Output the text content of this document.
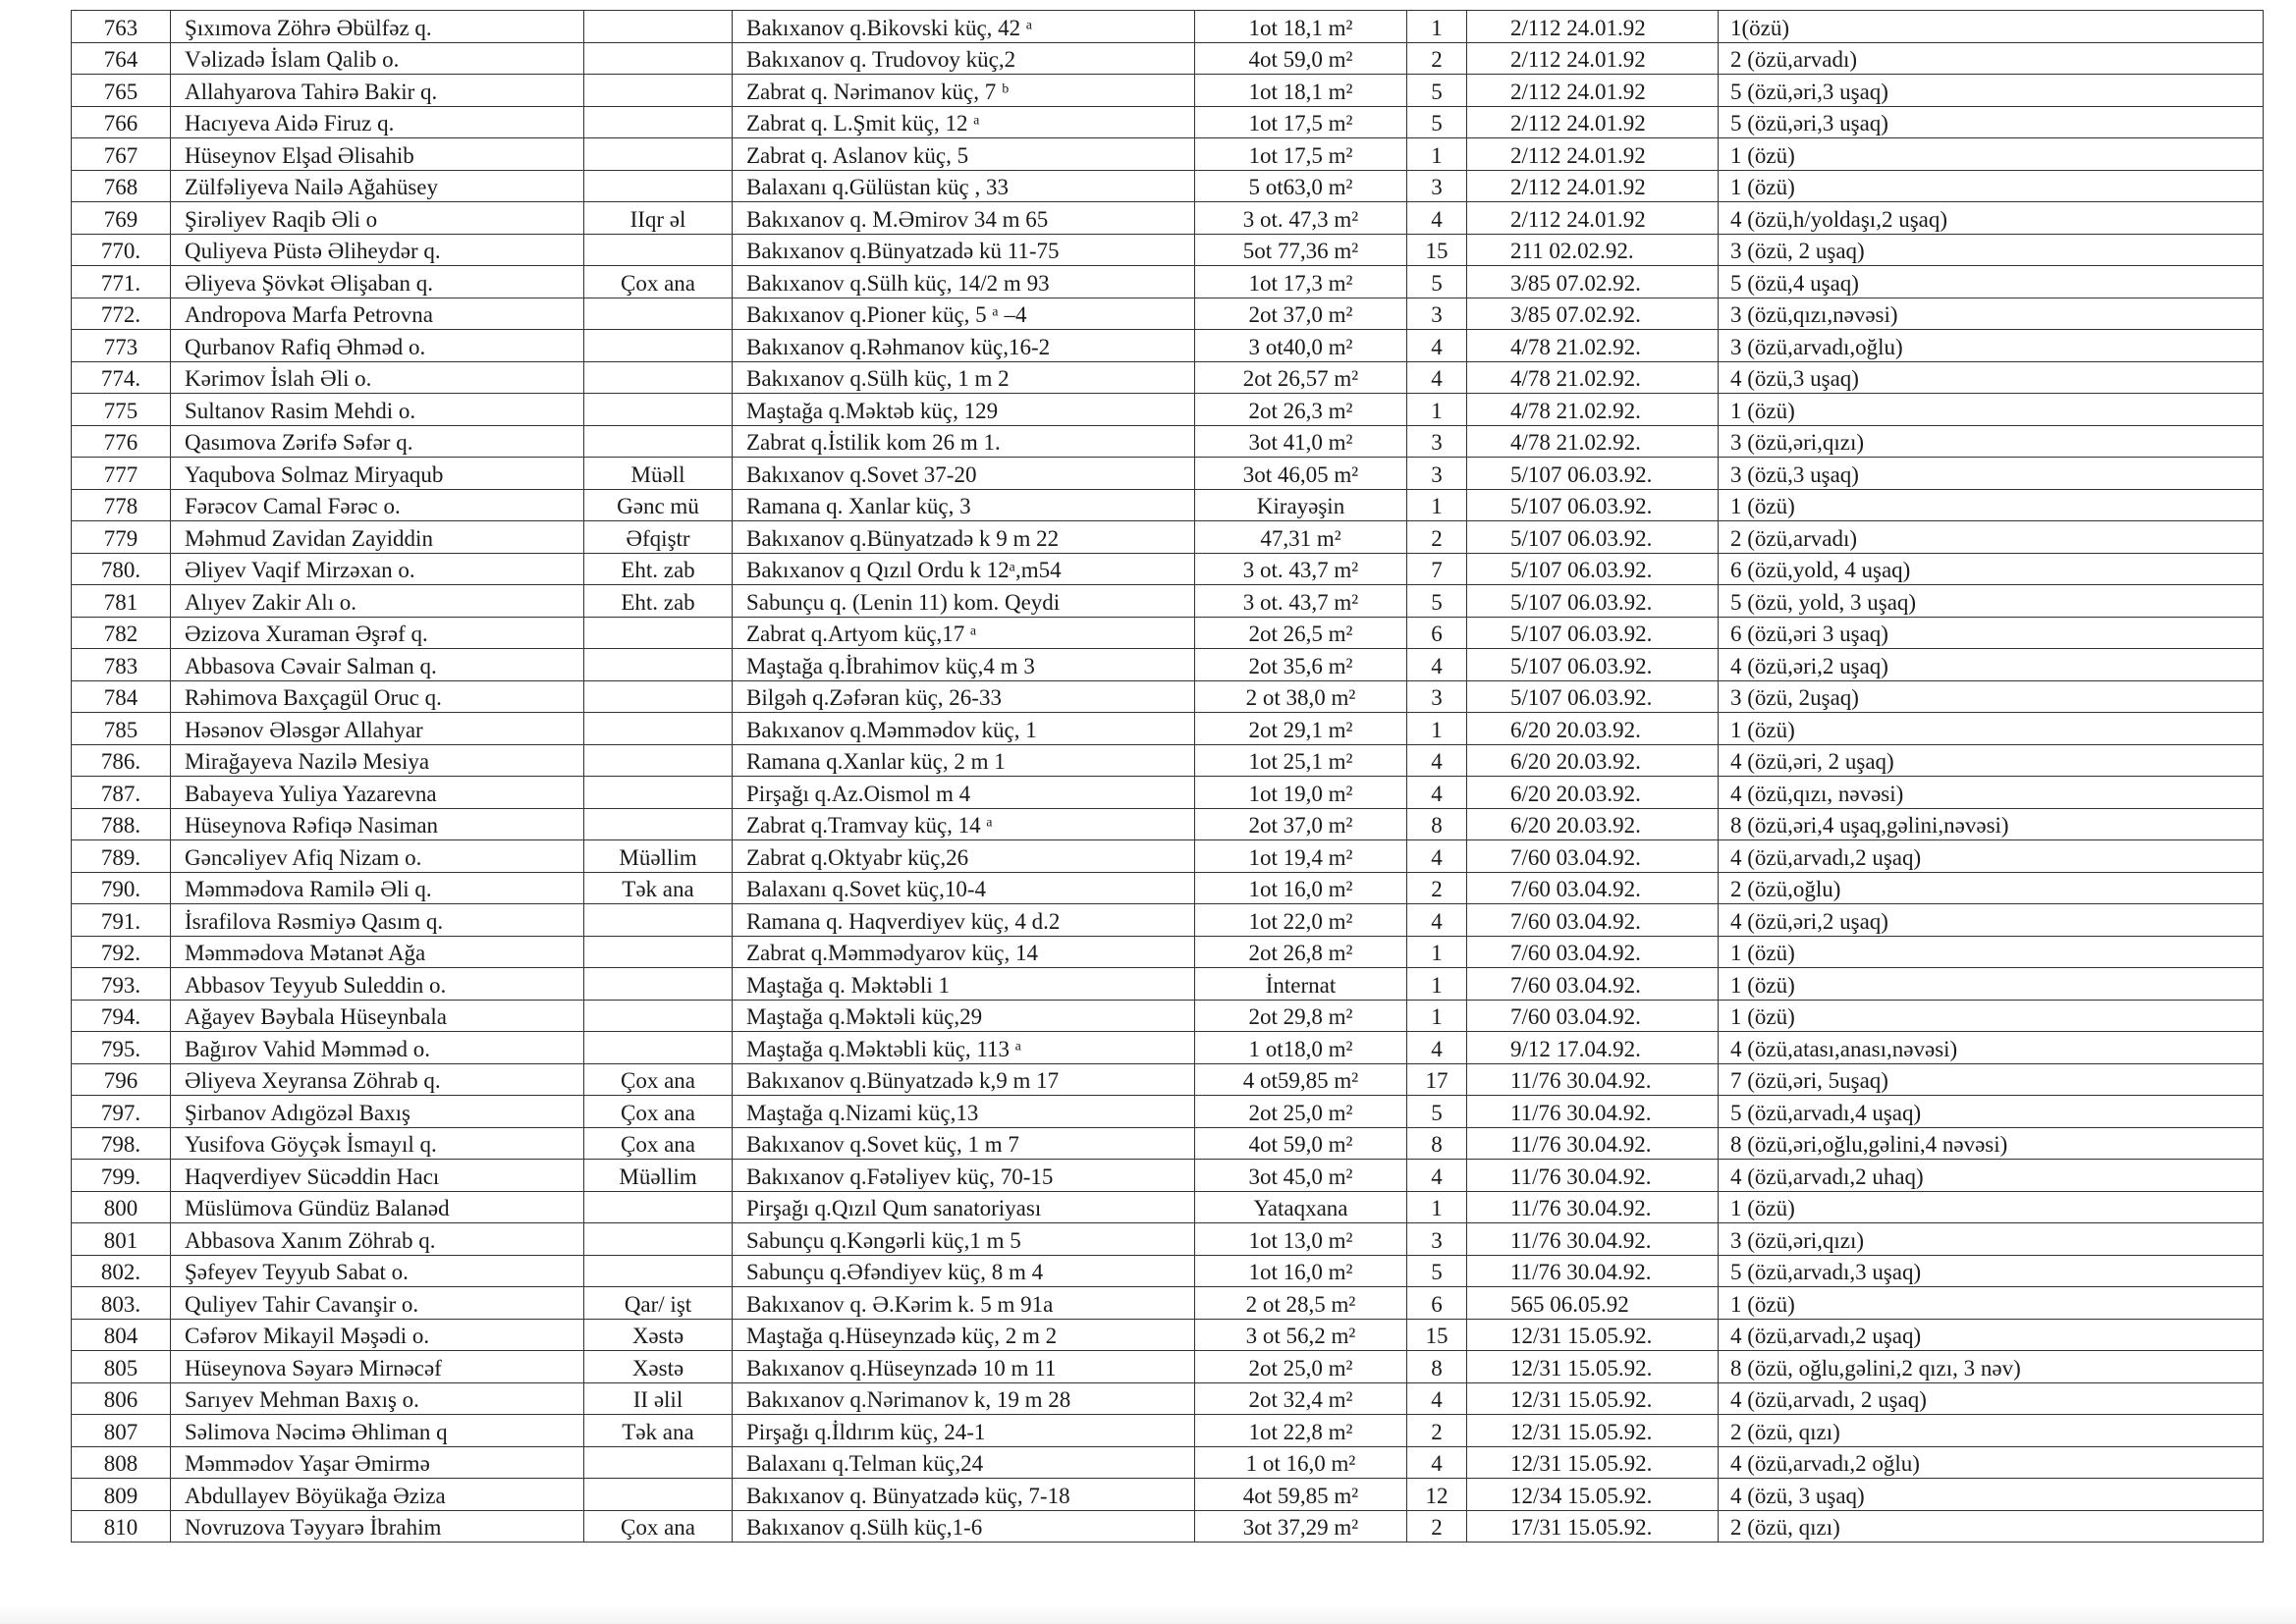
763	Şıxımova Zöhrə Əbülfəz q.		Bakıxanov q.Bikovski küç, 42 ᵃ	1ot 18,1 m²	1	2/112 24.01.92	1(özü)
764	Vəlizadə İslam Qalib o.		Bakıxanov q. Trudovoy küç,2	4ot 59,0 m²	2	2/112 24.01.92	2 (özü,arvadı)
765	Allahyarova Tahirə Bakir q.		Zabrat q. Nərimanov küç, 7 ᵇ	1ot 18,1 m²	5	2/112 24.01.92	5 (özü,əri,3 uşaq)
766	Hacıyeva Aidə Firuz q.		Zabrat q. L.Şmit küç, 12 ᵃ	1ot 17,5 m²	5	2/112 24.01.92	5 (özü,əri,3 uşaq)
767	Hüseynov Elşad Əlisahib		Zabrat q. Aslanov küç, 5	1ot 17,5 m²	1	2/112 24.01.92	1 (özü)
768	Zülfəliyeva Nailə Ağahüsey		Balaxanı q.Gülüstan küç , 33	5 ot63,0 m²	3	2/112 24.01.92	1 (özü)
769	Şirəliyev Raqib Əli o	IIqr əl	Bakıxanov q. M.Əmirov 34 m 65	3 ot. 47,3 m²	4	2/112 24.01.92	4 (özü,h/yoldaşı,2 uşaq)
770.	Quliyeva Püstə Əliheydər q.		Bakıxanov q.Bünyatzadə kü 11-75	5ot 77,36 m²	15	211 02.02.92.	3 (özü, 2 uşaq)
771.	Əliyeva Şövkət Əlişaban q.	Çox ana	Bakıxanov q.Sülh küç, 14/2 m 93	1ot 17,3 m²	5	3/85 07.02.92.	5 (özü,4 uşaq)
772.	Andropova Marfa Petrovna		Bakıxanov q.Pioner küç, 5 ᵃ –4	2ot 37,0 m²	3	3/85 07.02.92.	3 (özü,qızı,nəvəsi)
773	Qurbanov Rafiq Əhməd o.		Bakıxanov q.Rəhmanov küç,16-2	3 ot40,0 m²	4	4/78 21.02.92.	3 (özü,arvadı,oğlu)
774.	Kərimov İslah Əli o.		Bakıxanov q.Sülh küç, 1 m 2	2ot 26,57 m²	4	4/78 21.02.92.	4 (özü,3 uşaq)
775	Sultanov Rasim Mehdi o.		Maştağa q.Məktəb küç, 129	2ot 26,3 m²	1	4/78 21.02.92.	1 (özü)
776	Qasımova Zərifə Səfər q.		Zabrat q.İstilik kom 26 m 1.	3ot 41,0 m²	3	4/78 21.02.92.	3 (özü,əri,qızı)
777	Yaqubova Solmaz Miryaqub	Müəll	Bakıxanov q.Sovet 37-20	3ot 46,05 m²	3	5/107 06.03.92.	3 (özü,3 uşaq)
778	Fərəcov Camal Fərəc o.	Gənc mü	Ramana q. Xanlar küç, 3	Kirayəşin	1	5/107 06.03.92.	1 (özü)
779	Məhmud Zavidan Zayiddin	Əfqiştr	Bakıxanov q.Bünyatzadə k 9 m 22	47,31 m²	2	5/107 06.03.92.	2 (özü,arvadı)
780.	Əliyev Vaqif Mirzəxan o.	Eht. zab	Bakıxanov q Qızıl Ordu k 12ᵃ,m54	3 ot. 43,7 m²	7	5/107 06.03.92.	6 (özü,yold, 4 uşaq)
781	Alıyev Zakir Alı o.	Eht. zab	Sabunçu q. (Lenin 11) kom. Qeydi	3 ot. 43,7 m²	5	5/107 06.03.92.	5 (özü, yold, 3 uşaq)
782	Əzizova Xuraman Əşrəf q.		Zabrat q.Artyom küç,17 ᵃ	2ot 26,5 m²	6	5/107 06.03.92.	6 (özü,əri 3 uşaq)
783	Abbasova Cəvair Salman q.		Maştağa q.İbrahimov küç,4 m 3	2ot 35,6 m²	4	5/107 06.03.92.	4 (özü,əri,2 uşaq)
784	Rəhimova Baxçagül Oruc q.		Bilgəh q.Zəfəran küç, 26-33	2 ot 38,0 m²	3	5/107 06.03.92.	3 (özü, 2uşaq)
785	Həsənov Ələsgər Allahyar		Bakıxanov q.Məmmədov küç, 1	2ot 29,1 m²	1	6/20 20.03.92.	1 (özü)
786.	Mirağayeva Nazilə Mesiya		Ramana q.Xanlar küç, 2 m 1	1ot 25,1 m²	4	6/20 20.03.92.	4 (özü,əri, 2 uşaq)
787.	Babayeva Yuliya Yazarevna		Pirşağı q.Az.Oismol m 4	1ot 19,0 m²	4	6/20 20.03.92.	4 (özü,qızı, nəvəsi)
788.	Hüseynova Rəfiqə Nasiman		Zabrat q.Tramvay küç, 14 ᵃ	2ot 37,0 m²	8	6/20 20.03.92.	8 (özü,əri,4 uşaq,gəlini,nəvəsi)
789.	Gəncəliyev Afiq Nizam o.	Müəllim	Zabrat q.Oktyabr küç,26	1ot 19,4 m²	4	7/60 03.04.92.	4 (özü,arvadı,2 uşaq)
790.	Məmmədova Ramilə Əli q.	Tək ana	Balaxanı q.Sovet küç,10-4	1ot 16,0 m²	2	7/60 03.04.92.	2 (özü,oğlu)
791.	İsrafilova Rəsmiyə Qasım q.		Ramana q. Haqverdiyev küç, 4 d.2	1ot 22,0 m²	4	7/60 03.04.92.	4 (özü,əri,2 uşaq)
792.	Məmmədova Mətanət Ağa		Zabrat q.Məmmədyarov küç, 14	2ot 26,8 m²	1	7/60 03.04.92.	1 (özü)
793.	Abbasov Teyyub Suleddin o.		Maştağa q. Məktəbli 1	İnternat	1	7/60 03.04.92.	1 (özü)
794.	Ağayev Bəybala Hüseynbala		Maştağa q.Məktəli küç,29	2ot 29,8 m²	1	7/60 03.04.92.	1 (özü)
795.	Bağırov Vahid Məmməd o.		Maştağa q.Məktəbli küç, 113 ᵃ	1 ot18,0 m²	4	9/12 17.04.92.	4 (özü,atası,anası,nəvəsi)
796	Əliyeva Xeyransa Zöhrab q.	Çox ana	Bakıxanov q.Bünyatzadə k,9 m 17	4 ot59,85 m²	17	11/76 30.04.92.	7 (özü,əri, 5uşaq)
797.	Şirbanov Adıgözəl Baxış	Çox ana	Maştağa q.Nizami küç,13	2ot 25,0 m²	5	11/76 30.04.92.	5 (özü,arvadı,4 uşaq)
798.	Yusifova Göyçək İsmayıl q.	Çox ana	Bakıxanov q.Sovet küç, 1 m 7	4ot 59,0 m²	8	11/76 30.04.92.	8 (özü,əri,oğlu,gəlini,4 nəvəsi)
799.	Haqverdiyev Sücəddin Hacı	Müəllim	Bakıxanov q.Fətəliyev küç, 70-15	3ot 45,0 m²	4	11/76 30.04.92.	4 (özü,arvadı,2 uhaq)
800	Müslümova Gündüz Balanəd		Pirşağı q.Qızıl Qum sanatoriyası	Yataqxana	1	11/76 30.04.92.	1 (özü)
801	Abbasova Xanım Zöhrab q.		Sabunçu q.Kəngərli küç,1 m 5	1ot 13,0 m²	3	11/76 30.04.92.	3 (özü,əri,qızı)
802.	Şəfeyev Teyyub Sabat o.		Sabunçu q.Əfəndiyev küç, 8 m 4	1ot 16,0 m²	5	11/76 30.04.92.	5 (özü,arvadı,3 uşaq)
803.	Quliyev Tahir Cavanşir o.	Qar/ işt	Bakıxanov q. Ə.Kərim k. 5 m 91a	2 ot 28,5 m²	6	565 06.05.92	1 (özü)
804	Cəfərov Mikayil Məşədi o.	Xəstə	Maştağa q.Hüseynzadə küç, 2 m 2	3 ot 56,2 m²	15	12/31 15.05.92.	4 (özü,arvadı,2 uşaq)
805	Hüseynova Səyarə Mirnəcəf	Xəstə	Bakıxanov q.Hüseynzadə 10 m 11	2ot 25,0 m²	8	12/31 15.05.92.	8 (özü, oğlu,gəlini,2 qızı, 3 nəv)
806	Sarıyev Mehman Baxış o.	II əlil	Bakıxanov q.Nərimanov k, 19 m 28	2ot 32,4 m²	4	12/31 15.05.92.	4 (özü,arvadı, 2 uşaq)
807	Səlimova Nəcimə Əhliman q	Tək ana	Pirşağı q.İldırım küç, 24-1	1ot 22,8 m²	2	12/31 15.05.92.	2 (özü, qızı)
808	Məmmədov Yaşar Əmirmə		Balaxanı q.Telman küç,24	1 ot 16,0 m²	4	12/31 15.05.92.	4 (özü,arvadı,2 oğlu)
809	Abdullayev Böyükağa Əziza		Bakıxanov q. Bünyatzadə küç, 7-18	4ot 59,85 m²	12	12/34 15.05.92.	4 (özü, 3 uşaq)
810	Novruzova Təyyarə İbrahim	Çox ana	Bakıxanov q.Sülh küç,1-6	3ot 37,29 m²	2	17/31 15.05.92.	2 (özü, qızı)
